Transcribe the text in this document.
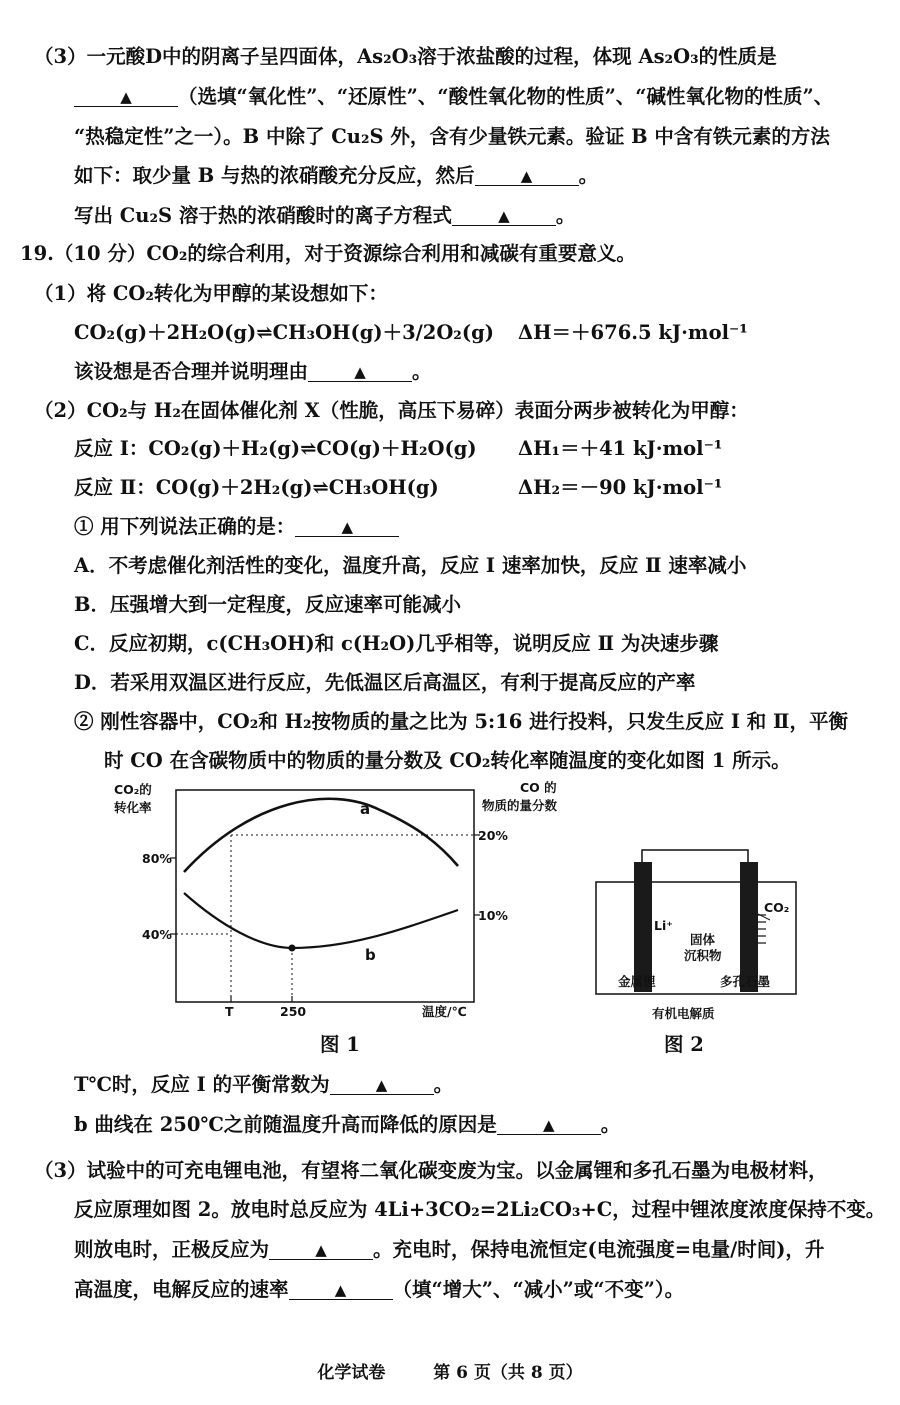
（3）一元酸D中的阴离子呈四面体，As₂O₃溶于浓盐酸的过程，体现 As₂O₃的性质是
▲ （选填“氧化性”、“还原性”、“酸性氧化物的性质”、“碱性氧化物的性质”、
“热稳定性”之一）。B 中除了 Cu₂S 外，含有少量铁元素。验证 B 中含有铁元素的方法
如下：取少量 B 与热的浓硝酸充分反应，然后	▲ 。
写出 Cu₂S 溶于热的浓硝酸时的离子方程式	▲ 。
19.（10 分）CO₂的综合利用，对于资源综合利用和减碳有重要意义。
（1）将 CO₂转化为甲醇的某设想如下：
CO₂(g)＋2H₂O(g)⇌CH₃OH(g)＋3/2O₂(g) ΔH＝＋676.5 kJ·mol⁻¹
该设想是否合理并说明理由	▲ 。
（2）CO₂与 H₂在固体催化剂 X（性脆，高压下易碎）表面分两步被转化为甲醇：
反应 Ⅰ：CO₂(g)＋H₂(g)⇌CO(g)＋H₂O(g) ΔH₁＝＋41 kJ·mol⁻¹
反应 Ⅱ：CO(g)＋2H₂(g)⇌CH₃OH(g)	ΔH₂＝－90 kJ·mol⁻¹
① 用下列说法正确的是：	▲
A．不考虑催化剂活性的变化，温度升高，反应 Ⅰ 速率加快，反应 Ⅱ 速率减小
B．压强增大到一定程度，反应速率可能减小
C．反应初期，c(CH₃OH)和 c(H₂O)几乎相等，说明反应 Ⅱ 为决速步骤
D．若采用双温区进行反应，先低温区后高温区，有利于提高反应的产率
② 刚性容器中，CO₂和 H₂按物质的量之比为 5:16 进行投料，只发生反应 Ⅰ 和 Ⅱ，平衡
时 CO 在含碳物质中的物质的量分数及 CO₂转化率随温度的变化如图 1 所示。
CO₂的
转化率
CO 的
物质的量分数
80%
40%
20%
10%
T	250	温度/℃
a
b
图 1
Li⁺
CO₂
固体
沉积物
金属锂	多孔石墨
有机电解质
图 2
T℃时，反应 Ⅰ 的平衡常数为	▲ 。
b 曲线在 250℃之前随温度升高而降低的原因是	▲ 。
（3）试验中的可充电锂电池，有望将二氧化碳变废为宝。以金属锂和多孔石墨为电极材料，
反应原理如图 2。放电时总反应为 4Li+3CO₂=2Li₂CO₃+C，过程中锂浓度浓度保持不变。
则放电时，正极反应为	▲ 。充电时，保持电流恒定(电流强度=电量/时间)，升
高温度，电解反应的速率	▲ （填“增大”、“减小”或“不变”）。
化学试卷	第 6 页（共 8 页）
